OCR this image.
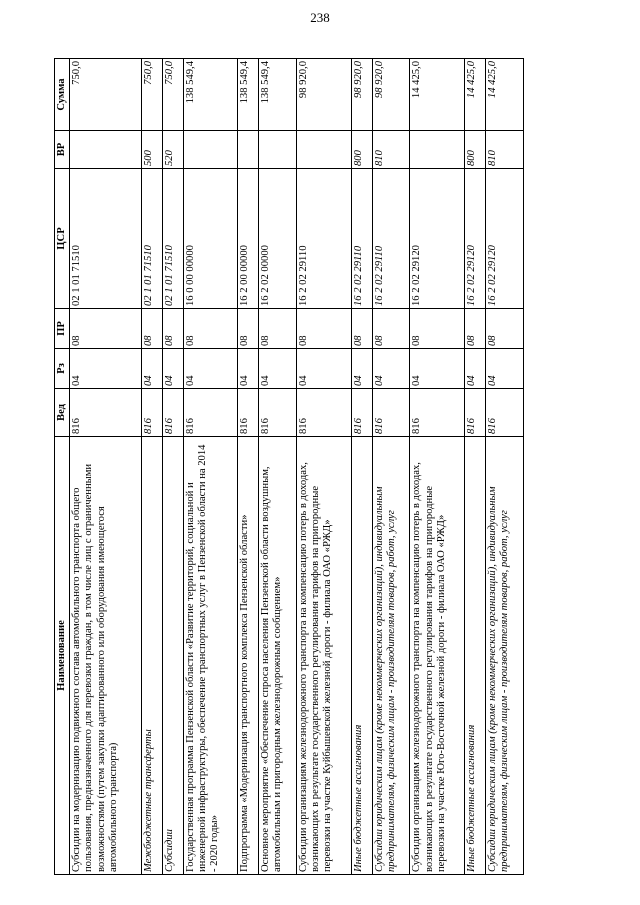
238
Наименование	Вед	Рз	ПР	ЦСР	ВР	Сумма
Субсидии на модернизацию подвижного состава автомобильного транспорта общего пользования, предназначенного для перевозки граждан, в том числе лиц с ограниченными возможностями (путем закупки адаптированного или оборудования имеющегося автомобильного транспорта)	816	04	08	02 1 01 71510		750,0
Межбюджетные трансферты	816	04	08	02 1 01 71510	500	750,0
Субсидии	816	04	08	02 1 01 71510	520	750,0
Государственная программа Пензенской области «Развитие территорий, социальной и инженерной инфраструктуры, обеспечение транспортных услуг в Пензенской области на 2014 - 2020 годы»	816	04	08	16 0 00 00000		138 549,4
Подпрограмма «Модернизация транспортного комплекса Пензенской области»	816	04	08	16 2 00 00000		138 549,4
Основное мероприятие «Обеспечение спроса населения Пензенской области воздушным, автомобильным и пригородным железнодорожным сообщением»	816	04	08	16 2 02 00000		138 549,4
Субсидии организациям железнодорожного транспорта на компенсацию потерь в доходах, возникающих в результате государственного регулирования тарифов на пригородные перевозки на участке Куйбышевской железной дороги - филиала ОАО «РЖД»	816	04	08	16 2 02 29110		98 920,0
Иные бюджетные ассигнования	816	04	08	16 2 02 29110	800	98 920,0
Субсидии юридическим лицам (кроме некоммерческих организаций), индивидуальным предпринимателям, физическим лицам - производителям товаров, работ, услуг	816	04	08	16 2 02 29110	810	98 920,0
Субсидии организациям железнодорожного транспорта на компенсацию потерь в доходах, возникающих в результате государственного регулирования тарифов на пригородные перевозки на участке Юго-Восточной железной дороги - филиала ОАО «РЖД»	816	04	08	16 2 02 29120		14 425,0
Иные бюджетные ассигнования	816	04	08	16 2 02 29120	800	14 425,0
Субсидии юридическим лицам (кроме некоммерческих организаций), индивидуальным предпринимателям, физическим лицам - производителям товаров, работ, услуг	816	04	08	16 2 02 29120	810	14 425,0
